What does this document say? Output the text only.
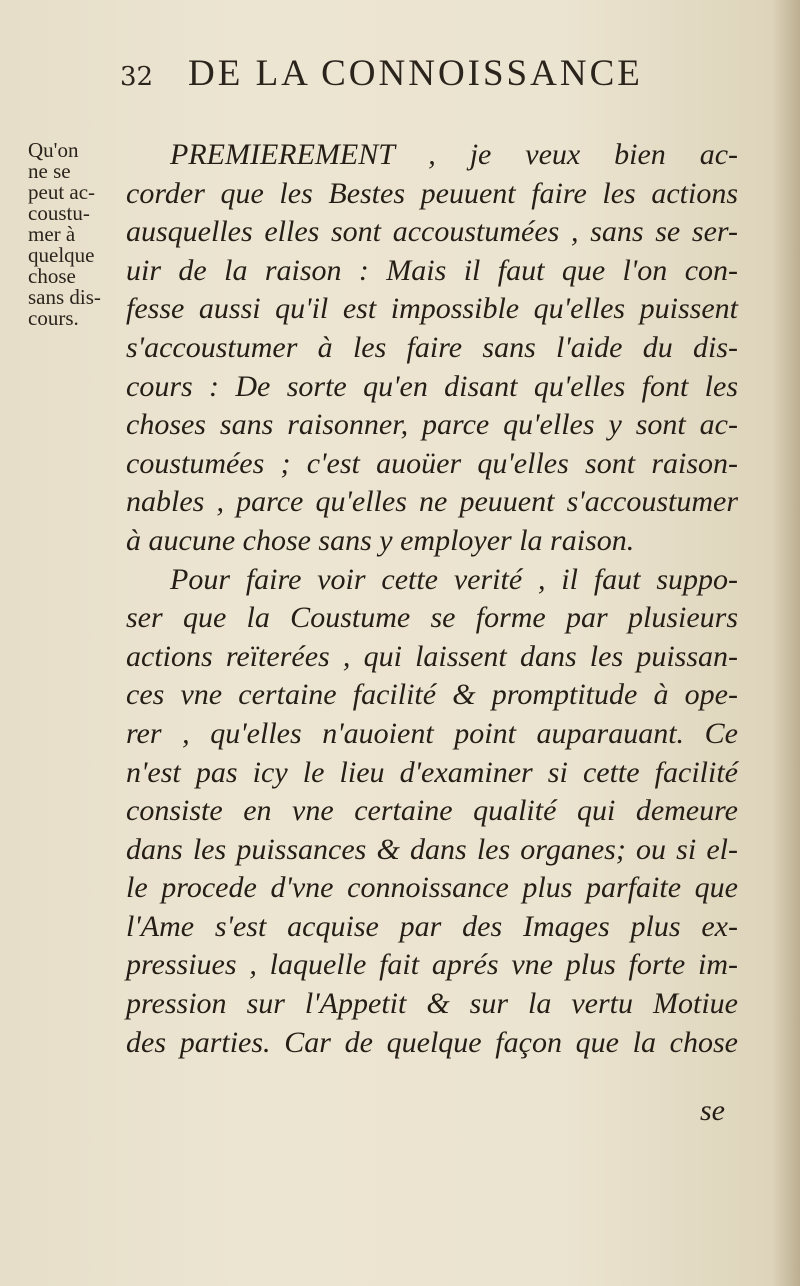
32 DE LA CONNOISSANCE
Qu'on
ne se
peut ac-
coustu-
mer à
quelque
chose
sans dis-
cours.
PREMIEREMENT , je veux bien ac-
corder que les Bestes peuuent faire les actions
ausquelles elles sont accoustumées , sans se ser-
uir de la raison : Mais il faut que l'on con-
fesse aussi qu'il est impossible qu'elles puissent
s'accoustumer à les faire sans l'aide du dis-
cours : De sorte qu'en disant qu'elles font les
choses sans raisonner, parce qu'elles y sont ac-
coustumées ; c'est auoüer qu'elles sont raison-
nables , parce qu'elles ne peuuent s'accoustumer
à aucune chose sans y employer la raison.
Pour faire voir cette verité , il faut suppo-
ser que la Coustume se forme par plusieurs
actions reïterées , qui laissent dans les puissan-
ces vne certaine facilité & promptitude à ope-
rer , qu'elles n'auoient point auparauant. Ce
n'est pas icy le lieu d'examiner si cette facilité
consiste en vne certaine qualité qui demeure
dans les puissances & dans les organes; ou si el-
le procede d'vne connoissance plus parfaite que
l'Ame s'est acquise par des Images plus ex-
pressiues , laquelle fait aprés vne plus forte im-
pression sur l'Appetit & sur la vertu Motiue
des parties. Car de quelque façon que la chose
se
